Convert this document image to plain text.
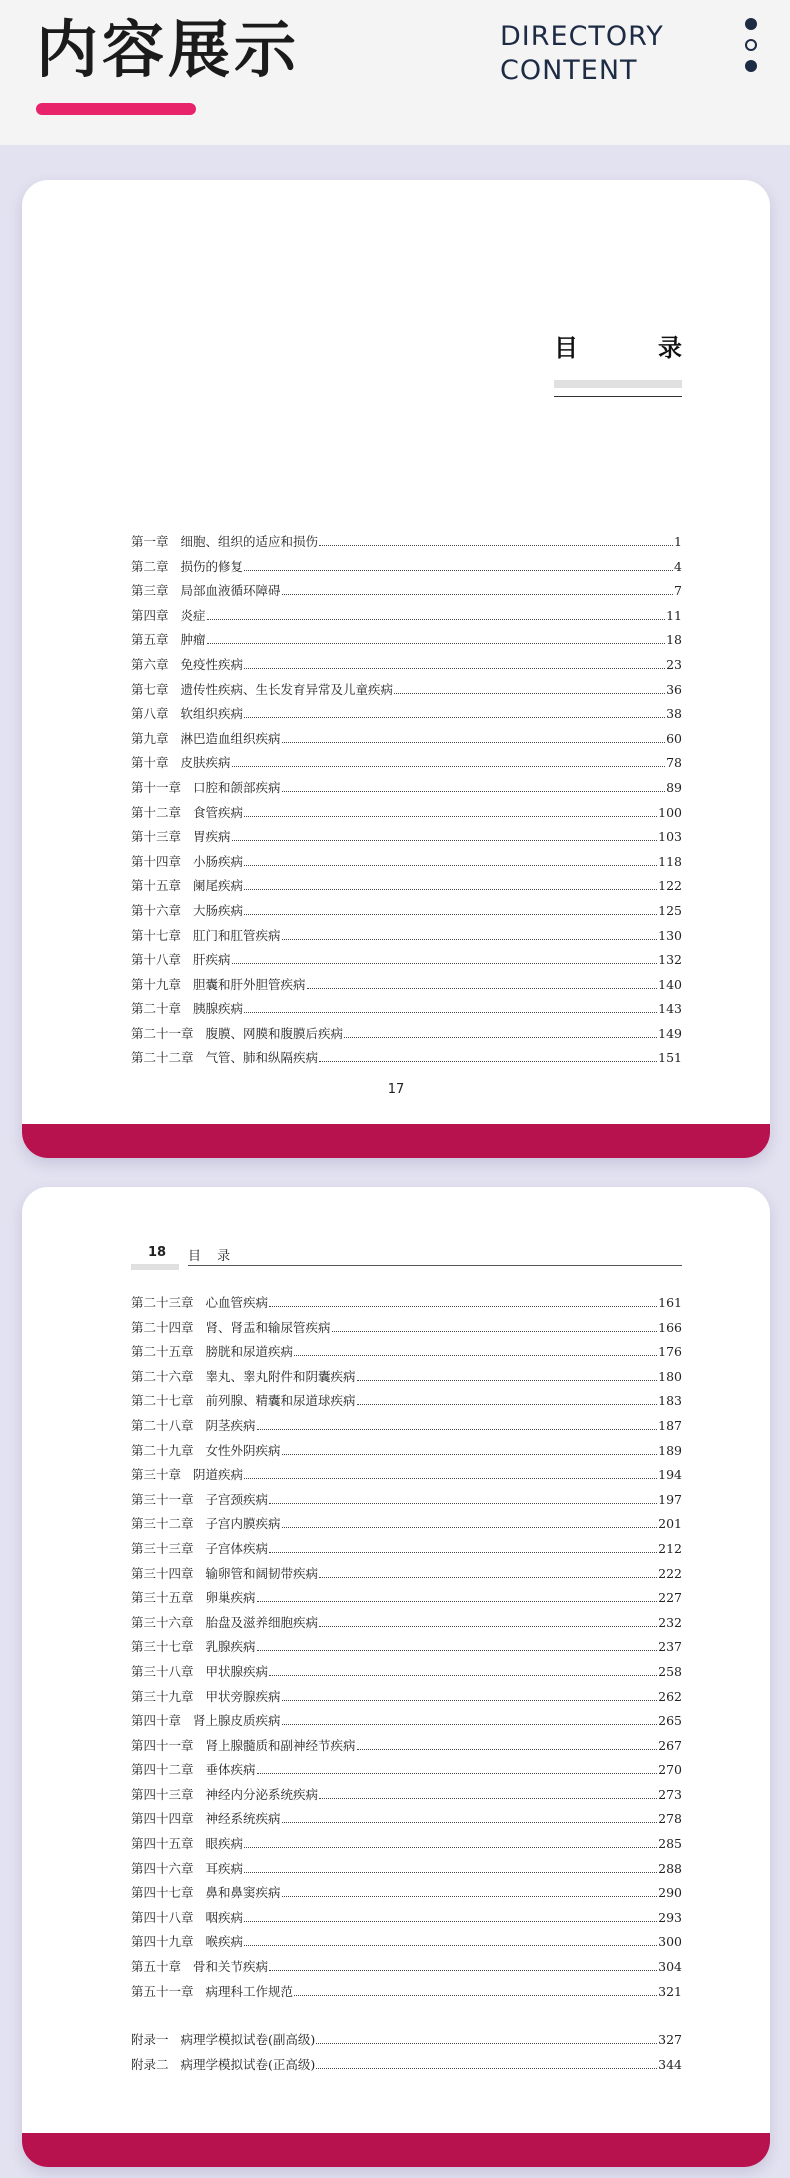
内容展示	DIRECTORY
CONTENT
目	录
第一章 细胞、组织的适应和损伤	1
第二章 损伤的修复	4
第三章 局部血液循环障碍	7
第四章 炎症	11
第五章 肿瘤	18
第六章 免疫性疾病	23
第七章 遗传性疾病、生长发育异常及儿童疾病	36
第八章 软组织疾病	38
第九章 淋巴造血组织疾病	60
第十章 皮肤疾病	78
第十一章 口腔和颌部疾病	89
第十二章 食管疾病	100
第十三章 胃疾病	103
第十四章 小肠疾病	118
第十五章 阑尾疾病	122
第十六章 大肠疾病	125
第十七章 肛门和肛管疾病	130
第十八章 肝疾病	132
第十九章 胆囊和肝外胆管疾病	140
第二十章 胰腺疾病	143
第二十一章 腹膜、网膜和腹膜后疾病	149
第二十二章 气管、肺和纵隔疾病	151
17
18 目 录
第二十三章 心血管疾病	161
第二十四章 肾、肾盂和输尿管疾病	166
第二十五章 膀胱和尿道疾病	176
第二十六章 睾丸、睾丸附件和阴囊疾病	180
第二十七章 前列腺、精囊和尿道球疾病	183
第二十八章 阴茎疾病	187
第二十九章 女性外阴疾病	189
第三十章 阴道疾病	194
第三十一章 子宫颈疾病	197
第三十二章 子宫内膜疾病	201
第三十三章 子宫体疾病	212
第三十四章 输卵管和阔韧带疾病	222
第三十五章 卵巢疾病	227
第三十六章 胎盘及滋养细胞疾病	232
第三十七章 乳腺疾病	237
第三十八章 甲状腺疾病	258
第三十九章 甲状旁腺疾病	262
第四十章 肾上腺皮质疾病	265
第四十一章 肾上腺髓质和副神经节疾病	267
第四十二章 垂体疾病	270
第四十三章 神经内分泌系统疾病	273
第四十四章 神经系统疾病	278
第四十五章 眼疾病	285
第四十六章 耳疾病	288
第四十七章 鼻和鼻窦疾病	290
第四十八章 咽疾病	293
第四十九章 喉疾病	300
第五十章 骨和关节疾病	304
第五十一章 病理科工作规范	321
附录一 病理学模拟试卷(副高级)	327
附录二 病理学模拟试卷(正高级)	344
